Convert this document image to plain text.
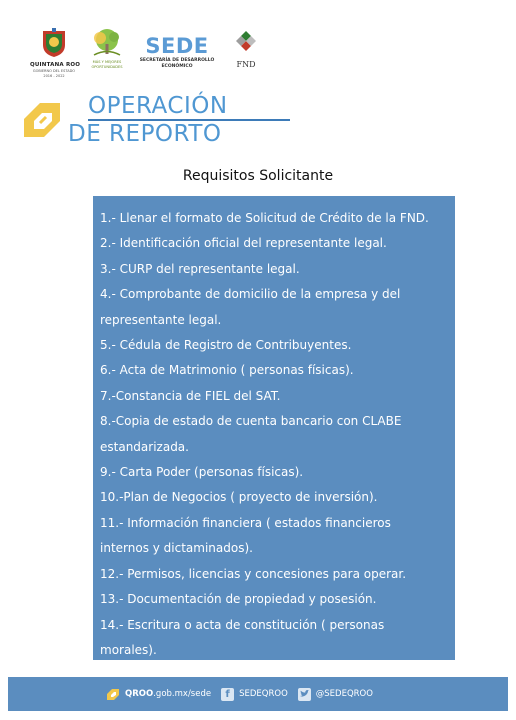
QUINTANA ROO
GOBIERNO DEL ESTADO
2016 - 2022
MÁS Y MEJORES
OPORTUNIDADES
SEDE
SECRETARÍA DE DESARROLLO
ECONÓMICO	FND
OPERACIÓN
DE REPORTO
Requisitos Solicitante
1.- Llenar el formato de Solicitud de Crédito de la FND.
2.- Identificación oficial del representante legal.
3.- CURP del representante legal.
4.- Comprobante de domicilio de la empresa y del
representante legal.
5.- Cédula de Registro de Contribuyentes.
6.- Acta de Matrimonio ( personas físicas).
7.-Constancia de FIEL del SAT.
8.-Copia de estado de cuenta bancario con CLABE
estandarizada.
9.- Carta Poder (personas físicas).
10.-Plan de Negocios ( proyecto de inversión).
11.- Información financiera ( estados financieros
internos y dictaminados).
12.- Permisos, licencias y concesiones para operar.
13.- Documentación de propiedad y posesión.
14.- Escritura o acta de constitución ( personas
morales).
QROO.gob.mx/sede	f	SEDEQROO	@SEDEQROO
